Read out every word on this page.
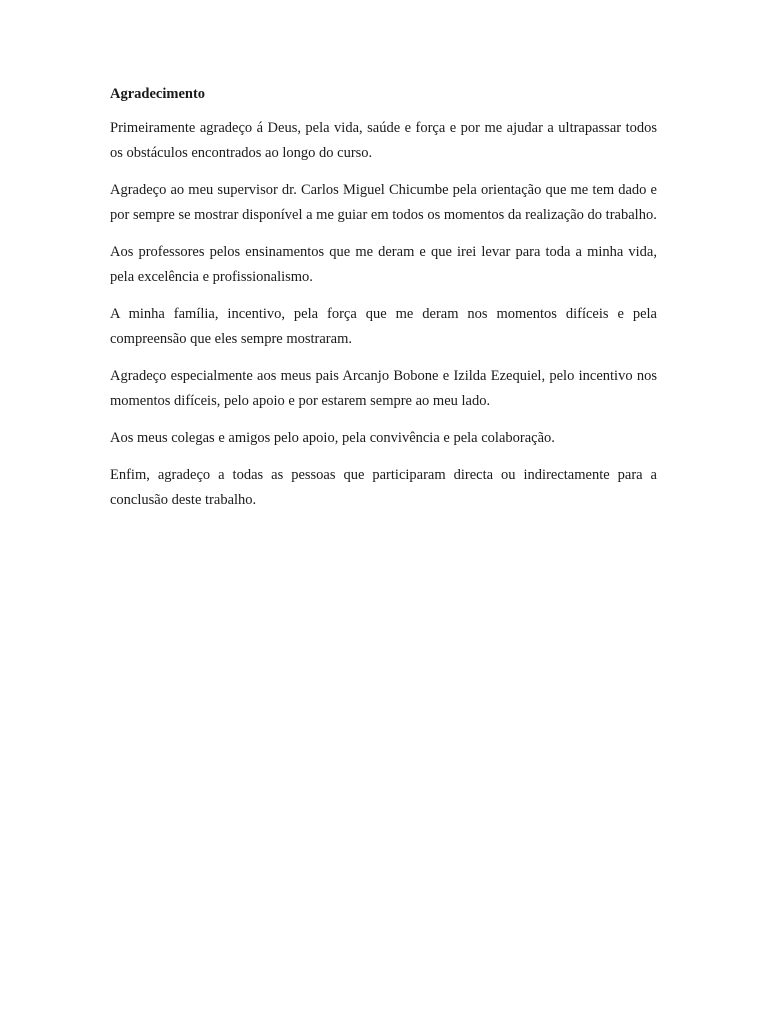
Agradecimento

Primeiramente agradeço á Deus, pela vida, saúde e força e por me ajudar a ultrapassar todos os obstáculos encontrados ao longo do curso.

Agradeço ao meu supervisor dr. Carlos Miguel Chicumbe pela orientação que me tem dado e por sempre se mostrar disponível a me guiar em todos os momentos da realização do trabalho.

Aos professores pelos ensinamentos que me deram e que irei levar para toda a minha vida, pela excelência e profissionalismo.

A minha família, incentivo, pela força que me deram nos momentos difíceis e pela compreensão que eles sempre mostraram.

Agradeço especialmente aos meus pais Arcanjo Bobone e Izilda Ezequiel, pelo incentivo nos momentos difíceis, pelo apoio e por estarem sempre ao meu lado.

Aos meus colegas e amigos pelo apoio, pela convivência e pela colaboração.

Enfim, agradeço a todas as pessoas que participaram directa ou indirectamente para a conclusão deste trabalho.
